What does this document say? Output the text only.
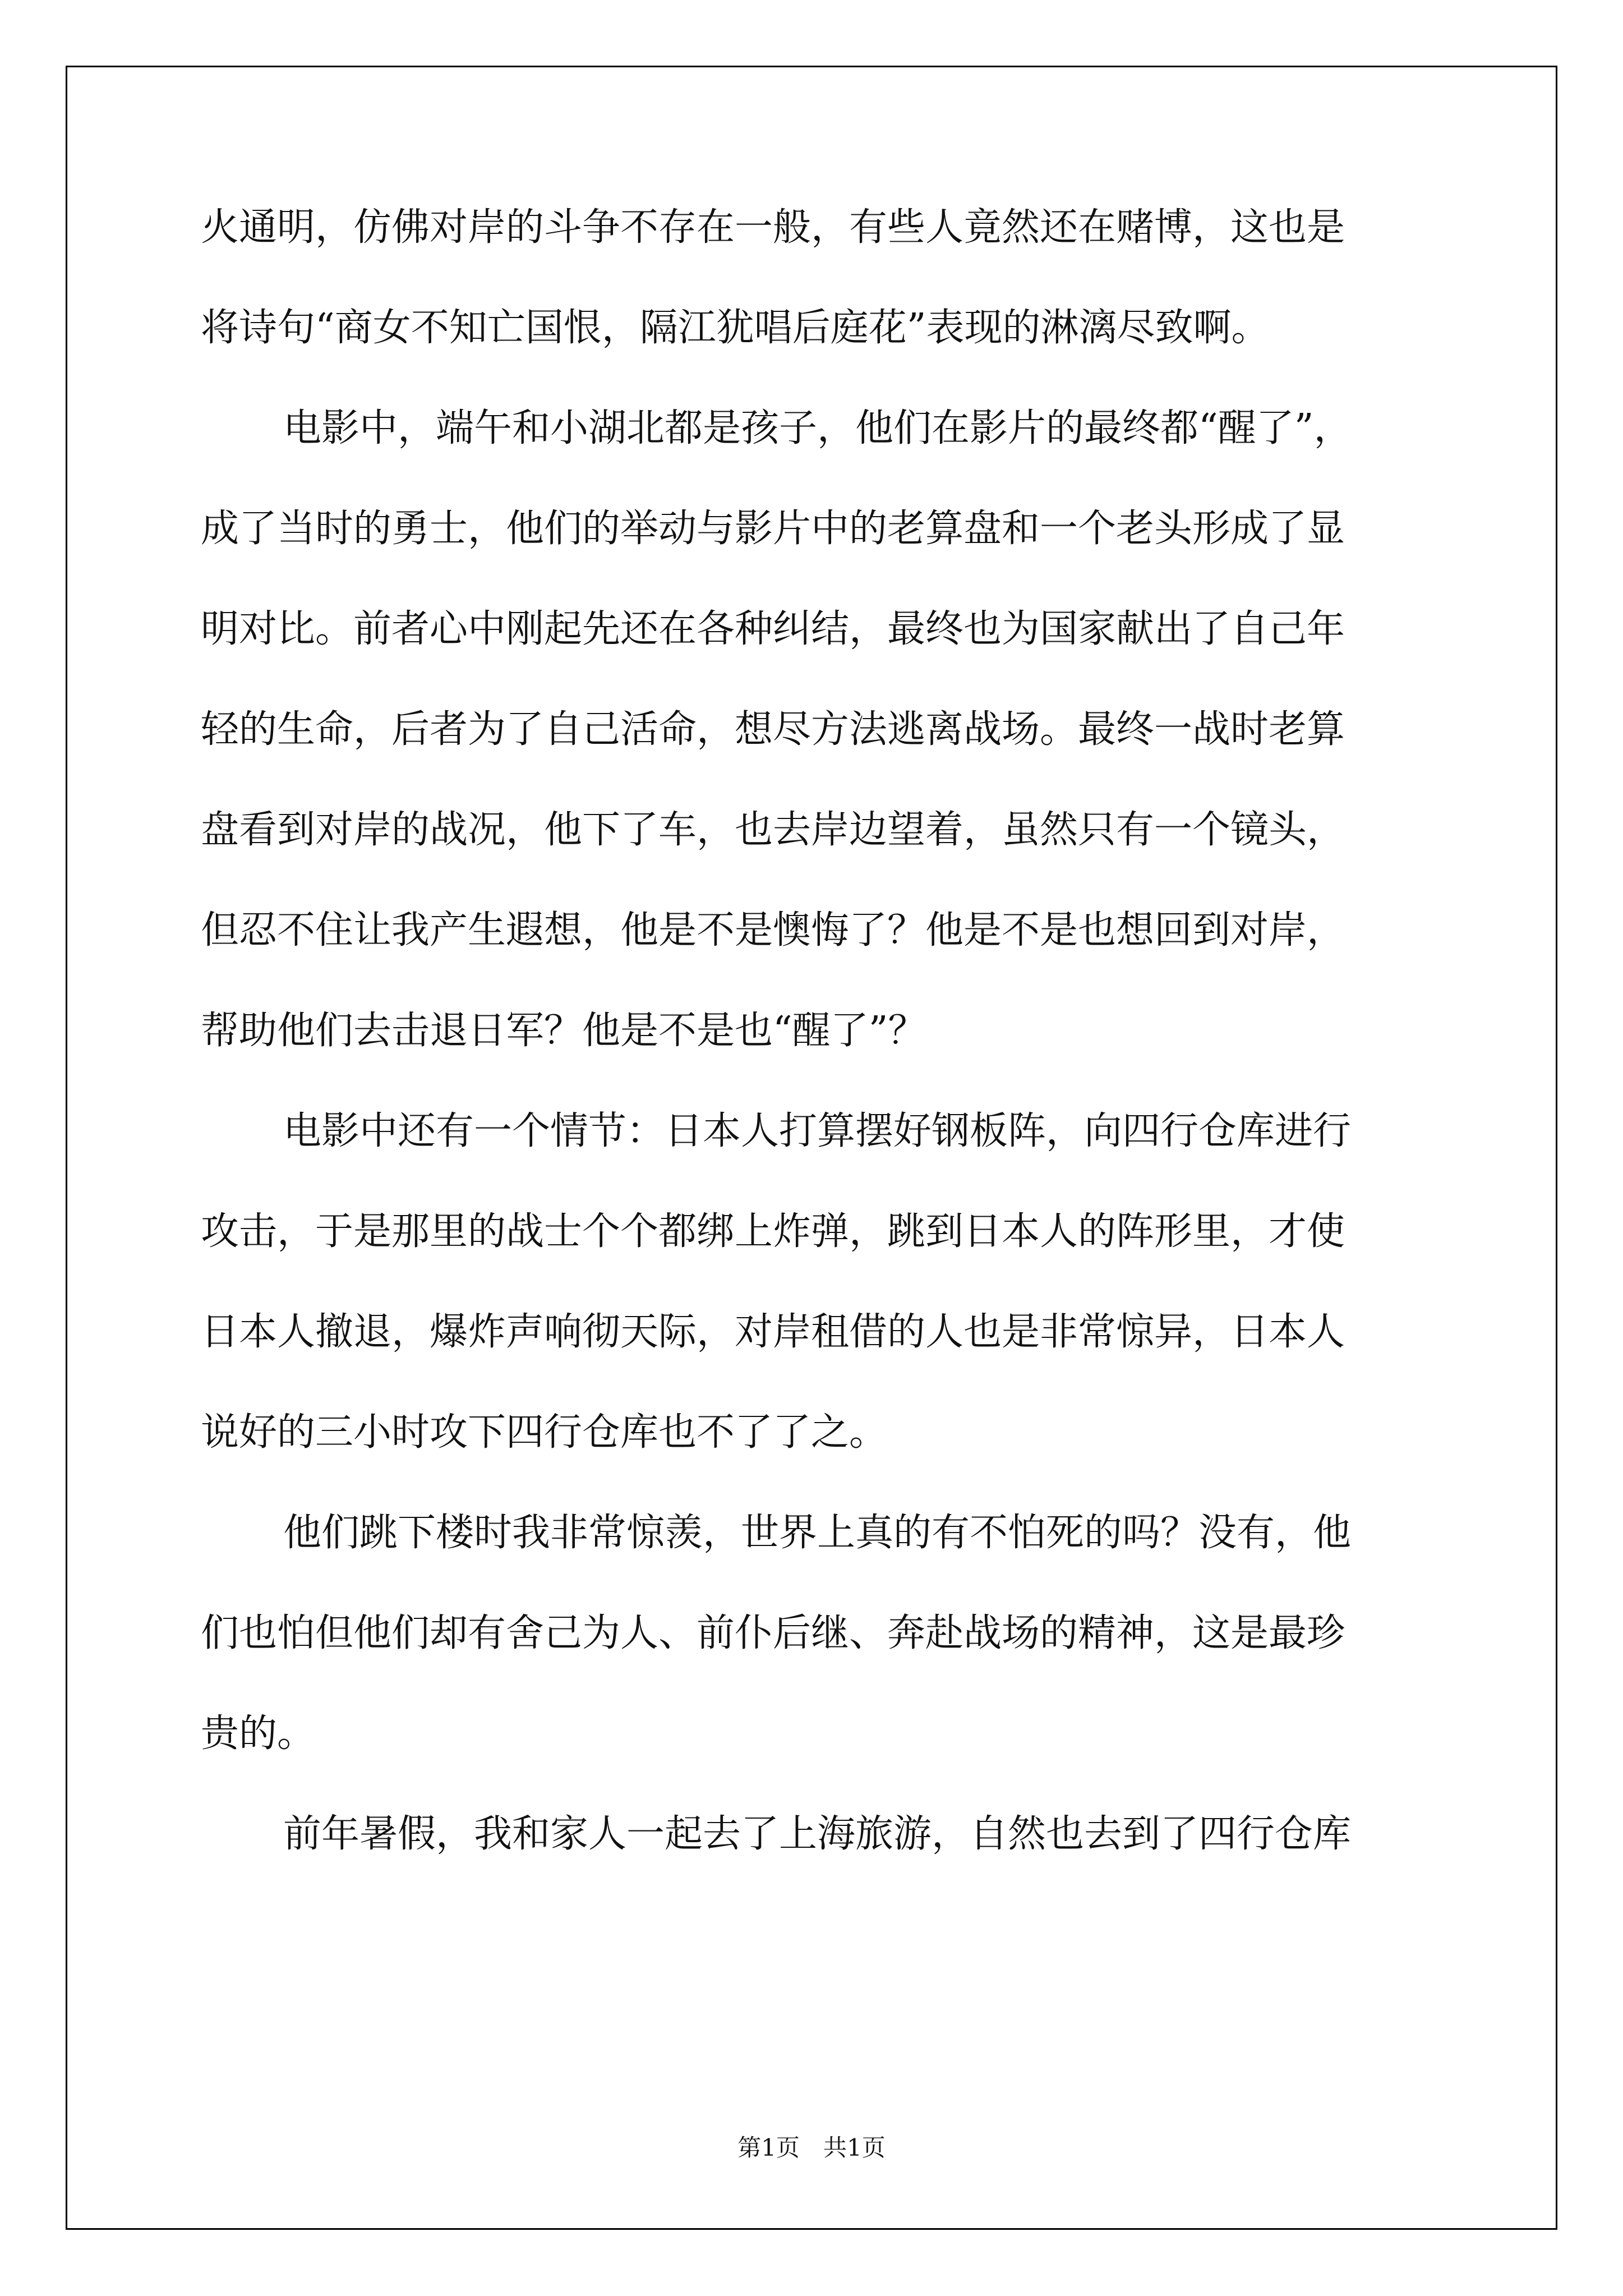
火通明，仿佛对岸的斗争不存在一般，有些人竟然还在赌博，这也是
将诗句“商女不知亡国恨，隔江犹唱后庭花”表现的淋漓尽致啊。
电影中，端午和小湖北都是孩子，他们在影片的最终都“醒了”，
成了当时的勇士，他们的举动与影片中的老算盘和一个老头形成了显
明对比。前者心中刚起先还在各种纠结，最终也为国家献出了自己年
轻的生命，后者为了自己活命，想尽方法逃离战场。最终一战时老算
盘看到对岸的战况，他下了车，也去岸边望着，虽然只有一个镜头，
但忍不住让我产生遐想，他是不是懊悔了？他是不是也想回到对岸，
帮助他们去击退日军？他是不是也“醒了”？
电影中还有一个情节：日本人打算摆好钢板阵，向四行仓库进行
攻击，于是那里的战士个个都绑上炸弹，跳到日本人的阵形里，才使
日本人撤退，爆炸声响彻天际，对岸租借的人也是非常惊异，日本人
说好的三小时攻下四行仓库也不了了之。
他们跳下楼时我非常惊羡，世界上真的有不怕死的吗？没有，他
们也怕但他们却有舍己为人、前仆后继、奔赴战场的精神，这是最珍
贵的。
前年暑假，我和家人一起去了上海旅游，自然也去到了四行仓库
第1页 共1页
